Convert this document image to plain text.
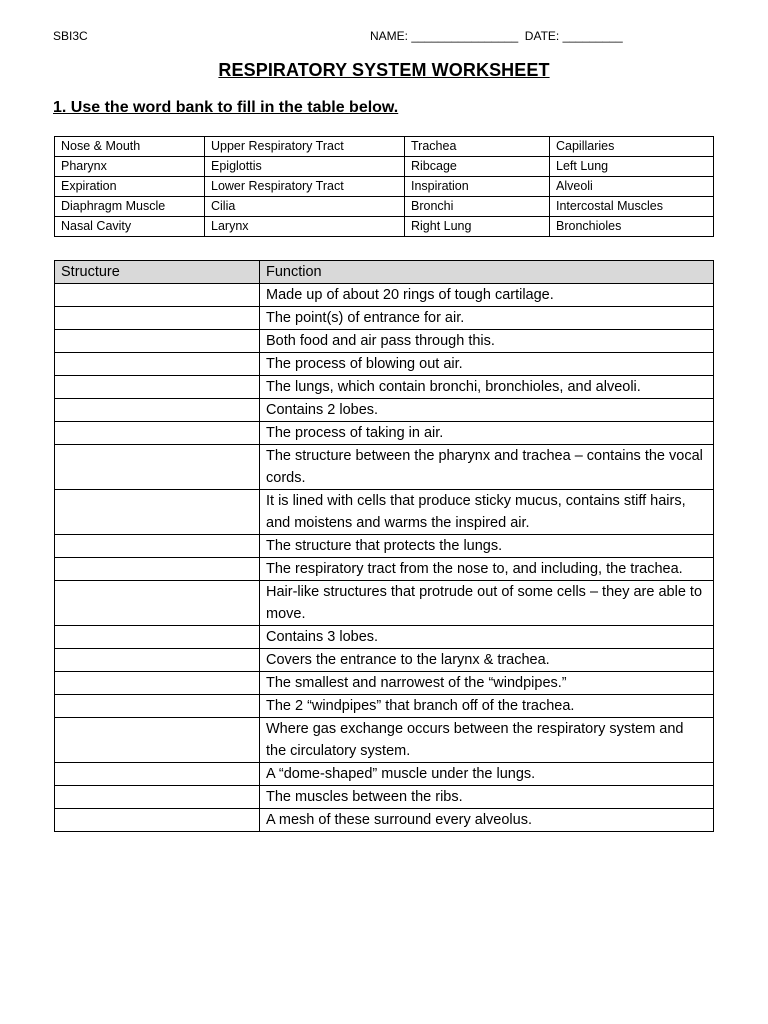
SBI3C	NAME: ________________  DATE: _________
RESPIRATORY SYSTEM WORKSHEET
1. Use the word bank to fill in the table below.
Nose & Mouth	Upper Respiratory Tract	Trachea	Capillaries
Pharynx	Epiglottis	Ribcage	Left Lung
Expiration	Lower Respiratory Tract	Inspiration	Alveoli
Diaphragm Muscle	Cilia	Bronchi	Intercostal Muscles
Nasal Cavity	Larynx	Right Lung	Bronchioles
Structure	Function
	Made up of about 20 rings of tough cartilage.
	The point(s) of entrance for air.
	Both food and air pass through this.
	The process of blowing out air.
	The lungs, which contain bronchi, bronchioles, and alveoli.
	Contains 2 lobes.
	The process of taking in air.
	The structure between the pharynx and trachea – contains the vocal cords.
	It is lined with cells that produce sticky mucus, contains stiff hairs, and moistens and warms the inspired air.
	The structure that protects the lungs.
	The respiratory tract from the nose to, and including, the trachea.
	Hair-like structures that protrude out of some cells – they are able to move.
	Contains 3 lobes.
	Covers the entrance to the larynx & trachea.
	The smallest and narrowest of the “windpipes.”
	The 2 “windpipes” that branch off of the trachea.
	Where gas exchange occurs between the respiratory system and the circulatory system.
	A “dome-shaped” muscle under the lungs.
	The muscles between the ribs.
	A mesh of these surround every alveolus.
